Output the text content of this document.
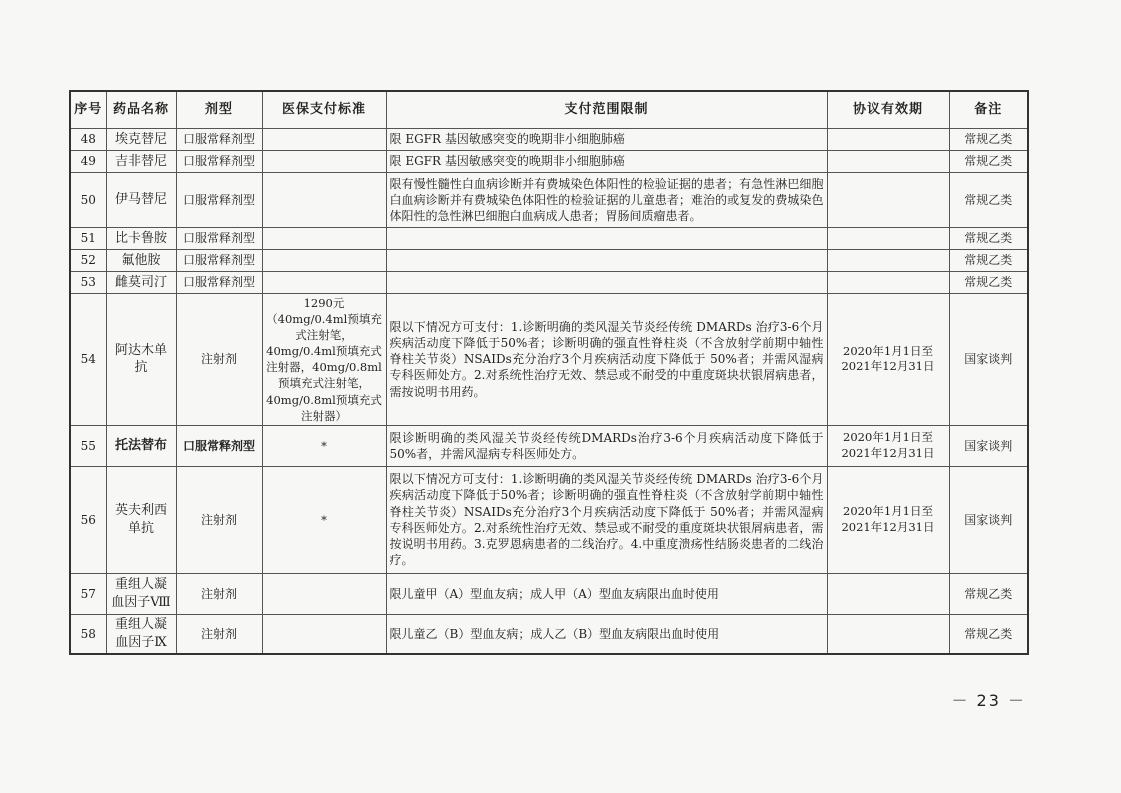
序号	药品名称	剂型	医保支付标准	支付范围限制	协议有效期	备注
48	埃克替尼	口服常释剂型		限 EGFR 基因敏感突变的晚期非小细胞肺癌		常规乙类
49	吉非替尼	口服常释剂型		限 EGFR 基因敏感突变的晚期非小细胞肺癌		常规乙类
50	伊马替尼	口服常释剂型		限有慢性髓性白血病诊断并有费城染色体阳性的检验证据的患者；有急性淋巴细胞白血病诊断并有费城染色体阳性的检验证据的儿童患者；难治的或复发的费城染色体阳性的急性淋巴细胞白血病成人患者；胃肠间质瘤患者。		常规乙类
51	比卡鲁胺	口服常释剂型				常规乙类
52	氟他胺	口服常释剂型				常规乙类
53	雌莫司汀	口服常释剂型				常规乙类
54	阿达木单抗	注射剂	1290元（40mg/0.4ml预填充式注射笔，40mg/0.4ml预填充式注射器，40mg/0.8ml预填充式注射笔，40mg/0.8ml预填充式注射器）	限以下情况方可支付：1.诊断明确的类风湿关节炎经传统 DMARDs 治疗3-6个月疾病活动度下降低于50%者；诊断明确的强直性脊柱炎（不含放射学前期中轴性脊柱关节炎）NSAIDs充分治疗3个月疾病活动度下降低于 50%者；并需风湿病专科医师处方。2.对系统性治疗无效、禁忌或不耐受的中重度斑块状银屑病患者，需按说明书用药。	2020年1月1日至2021年12月31日	国家谈判
55	托法替布	口服常释剂型	*	限诊断明确的类风湿关节炎经传统DMARDs治疗3-6个月疾病活动度下降低于50%者，并需风湿病专科医师处方。	2020年1月1日至2021年12月31日	国家谈判
56	英夫利西单抗	注射剂	*	限以下情况方可支付：1.诊断明确的类风湿关节炎经传统 DMARDs 治疗3-6个月疾病活动度下降低于50%者；诊断明确的强直性脊柱炎（不含放射学前期中轴性脊柱关节炎）NSAIDs充分治疗3个月疾病活动度下降低于 50%者；并需风湿病专科医师处方。2.对系统性治疗无效、禁忌或不耐受的重度斑块状银屑病患者，需按说明书用药。3.克罗恩病患者的二线治疗。4.中重度溃疡性结肠炎患者的二线治疗。	2020年1月1日至2021年12月31日	国家谈判
57	重组人凝血因子Ⅷ	注射剂		限儿童甲（A）型血友病；成人甲（A）型血友病限出血时使用		常规乙类
58	重组人凝血因子Ⅸ	注射剂		限儿童乙（B）型血友病；成人乙（B）型血友病限出血时使用		常规乙类
－ 23 －
